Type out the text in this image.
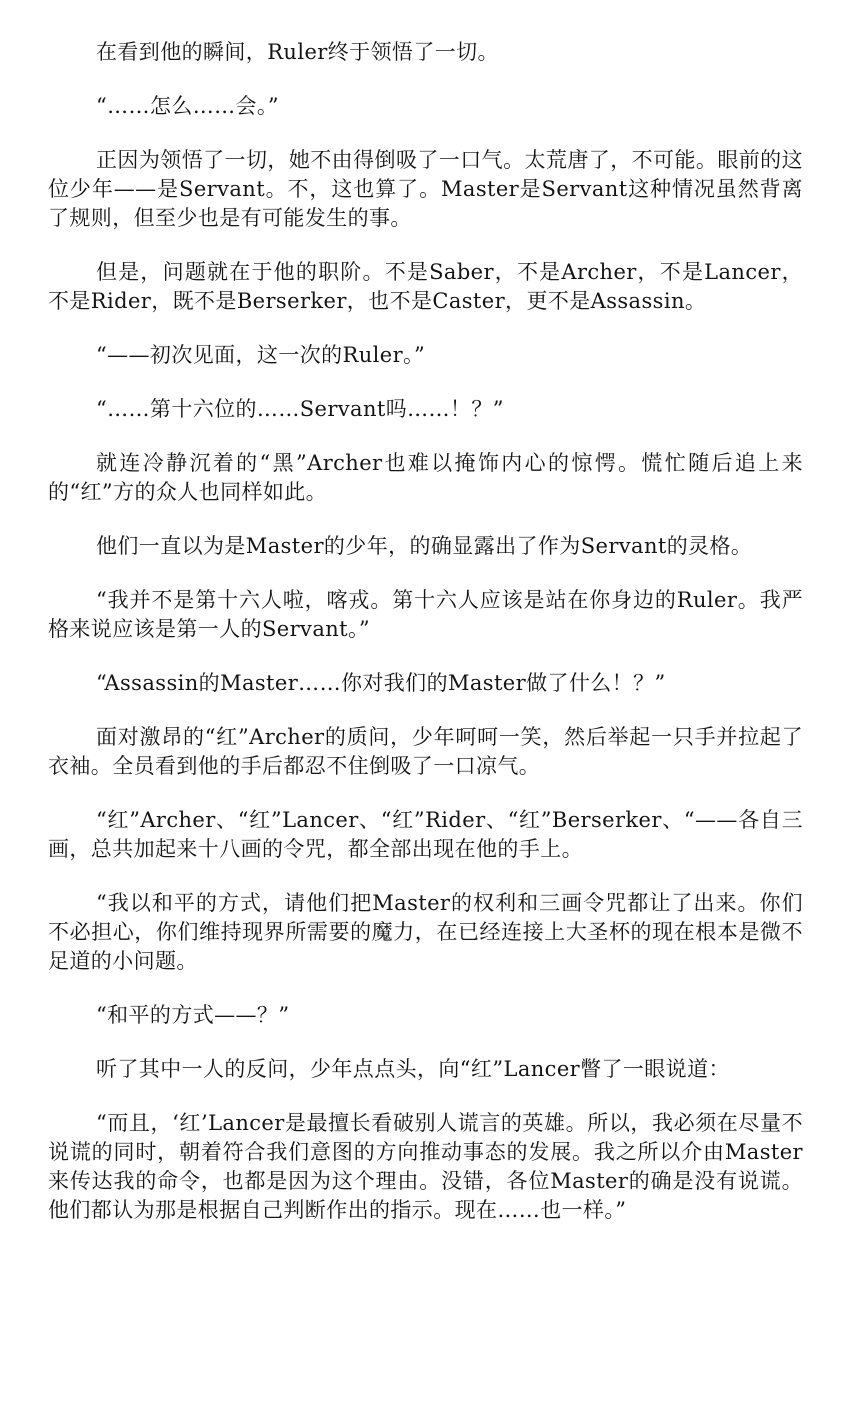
在看到他的瞬间，Ruler终于领悟了一切。

“……怎么……会。”

正因为领悟了一切，她不由得倒吸了一口气。太荒唐了，不可能。眼前的这位少年——是Servant。不，这也算了。Master是Servant这种情况虽然背离了规则，但至少也是有可能发生的事。

但是，问题就在于他的职阶。不是Saber，不是Archer，不是Lancer，不是Rider，既不是Berserker，也不是Caster，更不是Assassin。

“——初次见面，这一次的Ruler。”

“……第十六位的……Servant吗……！？”

就连冷静沉着的“黑”Archer也难以掩饰内心的惊愕。慌忙随后追上来的“红”方的众人也同样如此。

他们一直以为是Master的少年，的确显露出了作为Servant的灵格。

“我并不是第十六人啦，喀戎。第十六人应该是站在你身边的Ruler。我严格来说应该是第一人的Servant。”

“Assassin的Master……你对我们的Master做了什么！？”

面对激昂的“红”Archer的质问，少年呵呵一笑，然后举起一只手并拉起了衣袖。全员看到他的手后都忍不住倒吸了一口凉气。

“红”Archer、“红”Lancer、“红”Rider、“红”Berserker、“——各自三画，总共加起来十八画的令咒，都全部出现在他的手上。

“我以和平的方式，请他们把Master的权利和三画令咒都让了出来。你们不必担心，你们维持现界所需要的魔力，在已经连接上大圣杯的现在根本是微不足道的小问题。

“和平的方式——？”

听了其中一人的反问，少年点点头，向“红”Lancer瞥了一眼说道：

“而且，‘红’Lancer是最擅长看破别人谎言的英雄。所以，我必须在尽量不说谎的同时，朝着符合我们意图的方向推动事态的发展。我之所以介由Master来传达我的命令，也都是因为这个理由。没错，各位Master的确是没有说谎。他们都认为那是根据自己判断作出的指示。现在……也一样。”
